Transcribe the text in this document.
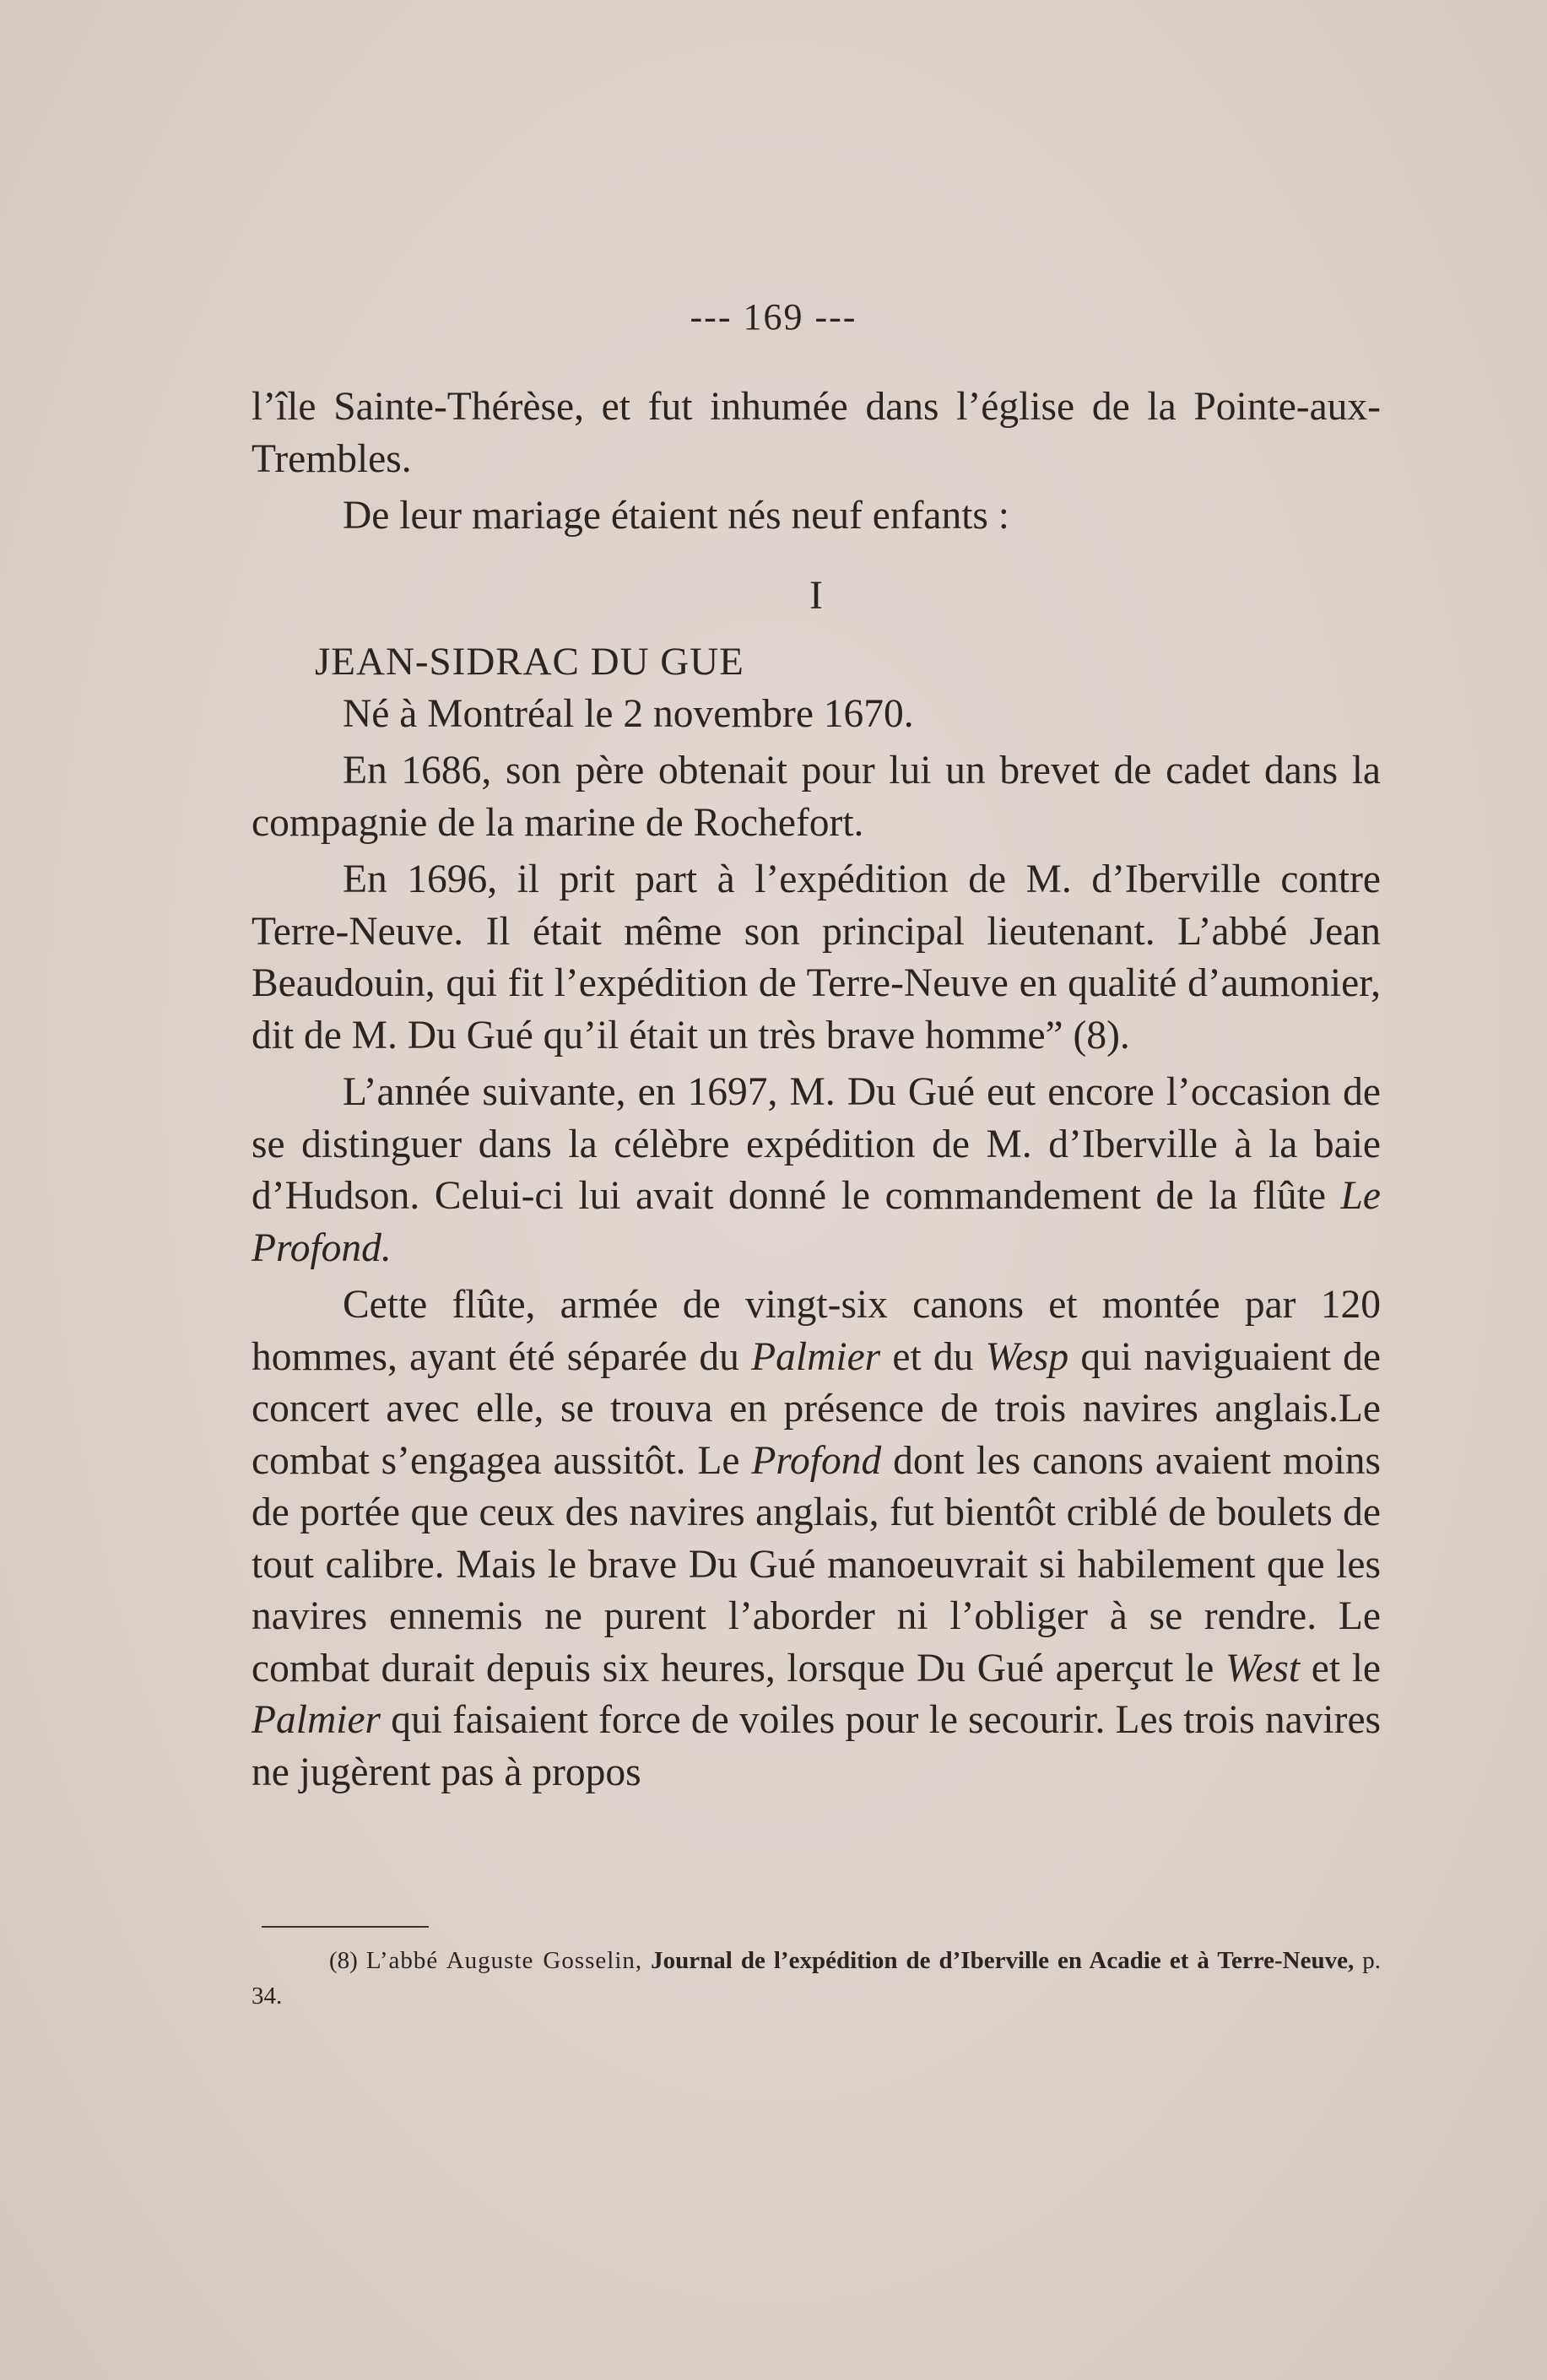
--- 169 ---

l’île Sainte-Thérèse, et fut inhumée dans l’église de la Pointe-aux-Trembles.

De leur mariage étaient nés neuf enfants :

I

JEAN-SIDRAC DU GUE

Né à Montréal le 2 novembre 1670.

En 1686, son père obtenait pour lui un brevet de cadet dans la compagnie de la marine de Rochefort.

En 1696, il prit part à l’expédition de M. d’Iberville contre Terre-Neuve. Il était même son principal lieutenant. L’abbé Jean Beaudouin, qui fit l’expédition de Terre-Neuve en qualité d’aumonier, dit de M. Du Gué qu’il était un très brave homme” (8).

L’année suivante, en 1697, M. Du Gué eut encore l’occasion de se distinguer dans la célèbre expédition de M. d’Iberville à la baie d’Hudson. Celui-ci lui avait donné le commandement de la flûte Le Profond.

Cette flûte, armée de vingt-six canons et montée par 120 hommes, ayant été séparée du Palmier et du Wesp qui naviguaient de concert avec elle, se trouva en présence de trois navires anglais.Le combat s’engagea aussitôt. Le Profond dont les canons avaient moins de portée que ceux des navires anglais, fut bientôt criblé de boulets de tout calibre. Mais le brave Du Gué manoeuvrait si habilement que les navires ennemis ne purent l’aborder ni l’obliger à se rendre. Le combat durait depuis six heures, lorsque Du Gué aperçut le West et le Palmier qui faisaient force de voiles pour le secourir. Les trois navires ne jugèrent pas à propos

(8) L’abbé Auguste Gosselin, Journal de l’expédition de d’Iberville en Acadie et à Terre-Neuve, p. 34.
